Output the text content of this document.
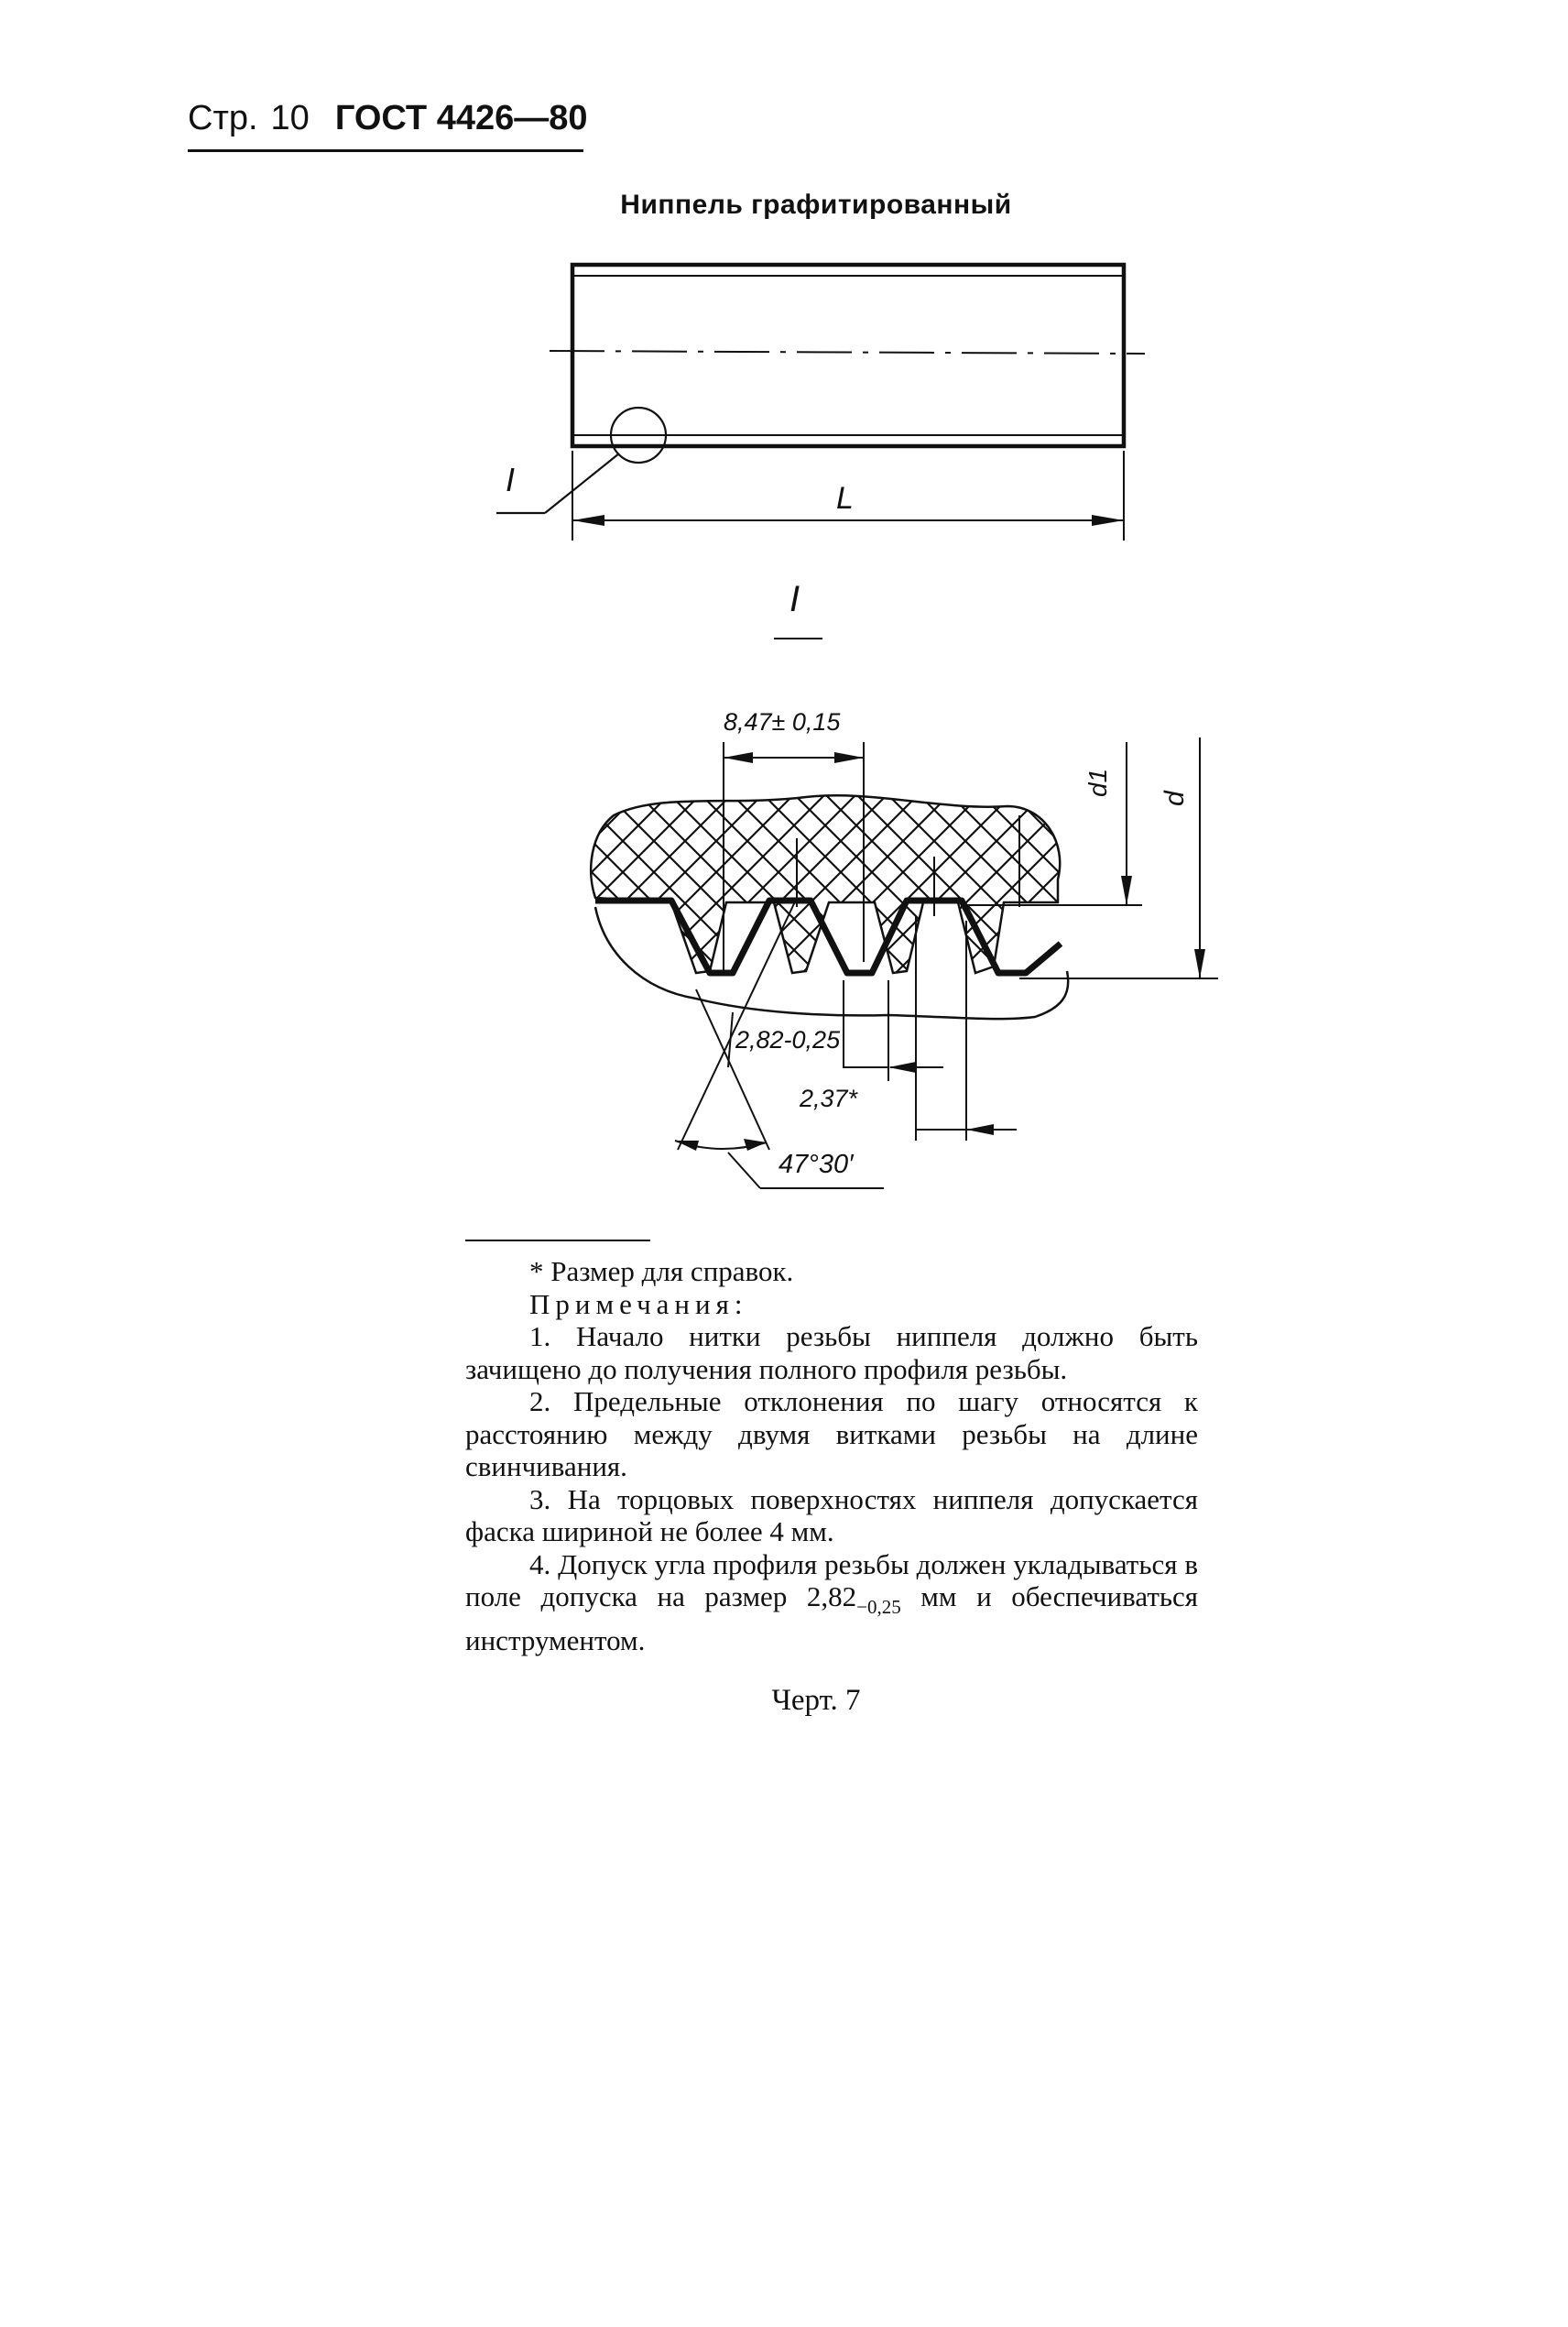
Стр. 10 ГОСТ 4426—80
Ниппель графитированный
L
I
I
8,47± 0,15
d1
d
2,82-0,25
2,37*
47°30′

* Размер для справок.

Примечания:

1. Начало нитки резьбы ниппеля должно быть зачищено до получения полного профиля резьбы.

2. Предельные отклонения по шагу относятся к расстоянию между двумя витками резьбы на длине свинчивания.

3. На торцовых поверхностях ниппеля допускается фаска шириной не более 4 мм.

4. Допуск угла профиля резьбы должен укладываться в поле допуска на размер $2,82_{-0,25}$ мм и обеспечиваться инструментом.

Черт. 7
